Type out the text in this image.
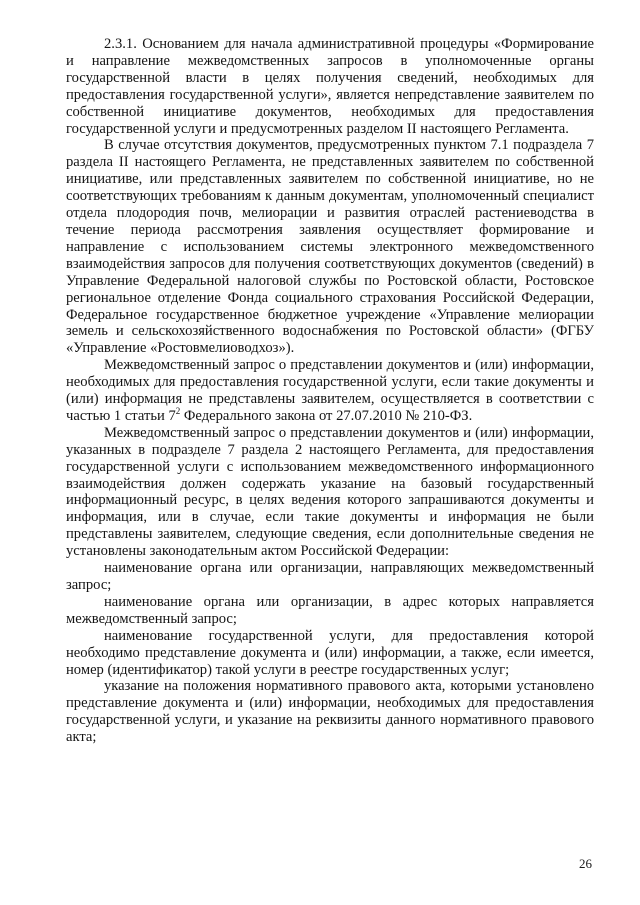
2.3.1. Основанием для начала административной процедуры «Формирование и направление межведомственных запросов в уполномоченные органы государственной власти в целях получения сведений, необходимых для предоставления государственной услуги», является непредставление заявителем по собственной инициативе документов, необходимых для предоставления государственной услуги и предусмотренных разделом II настоящего Регламента.

В случае отсутствия документов, предусмотренных пунктом 7.1 подраздела 7 раздела II настоящего Регламента, не представленных заявителем по собственной инициативе, или представленных заявителем по собственной инициативе, но не соответствующих требованиям к данным документам, уполномоченный специалист отдела плодородия почв, мелиорации и развития отраслей растениеводства в течение периода рассмотрения заявления осуществляет формирование и направление с использованием системы электронного межведомственного взаимодействия запросов для получения соответствующих документов (сведений) в Управление Федеральной налоговой службы по Ростовской области, Ростовское региональное отделение Фонда социального страхования Российской Федерации, Федеральное государственное бюджетное учреждение «Управление мелиорации земель и сельскохозяйственного водоснабжения по Ростовской области» (ФГБУ «Управление «Ростовмелиоводхоз»).

Межведомственный запрос о представлении документов и (или) информации, необходимых для предоставления государственной услуги, если такие документы и (или) информация не представлены заявителем, осуществляется в соответствии с частью 1 статьи $7^2$ Федерального закона от 27.07.2010 № 210-ФЗ.

Межведомственный запрос о представлении документов и (или) информации, указанных в подразделе 7 раздела 2 настоящего Регламента, для предоставления государственной услуги с использованием межведомственного информационного взаимодействия должен содержать указание на базовый государственный информационный ресурс, в целях ведения которого запрашиваются документы и информация, или в случае, если такие документы и информация не были представлены заявителем, следующие сведения, если дополнительные сведения не установлены законодательным актом Российской Федерации:

наименование органа или организации, направляющих межведомственный запрос;

наименование органа или организации, в адрес которых направляется межведомственный запрос;

наименование государственной услуги, для предоставления которой необходимо представление документа и (или) информации, а также, если имеется, номер (идентификатор) такой услуги в реестре государственных услуг;

указание на положения нормативного правового акта, которыми установлено представление документа и (или) информации, необходимых для предоставления государственной услуги, и указание на реквизиты данного нормативного правового акта;

26
